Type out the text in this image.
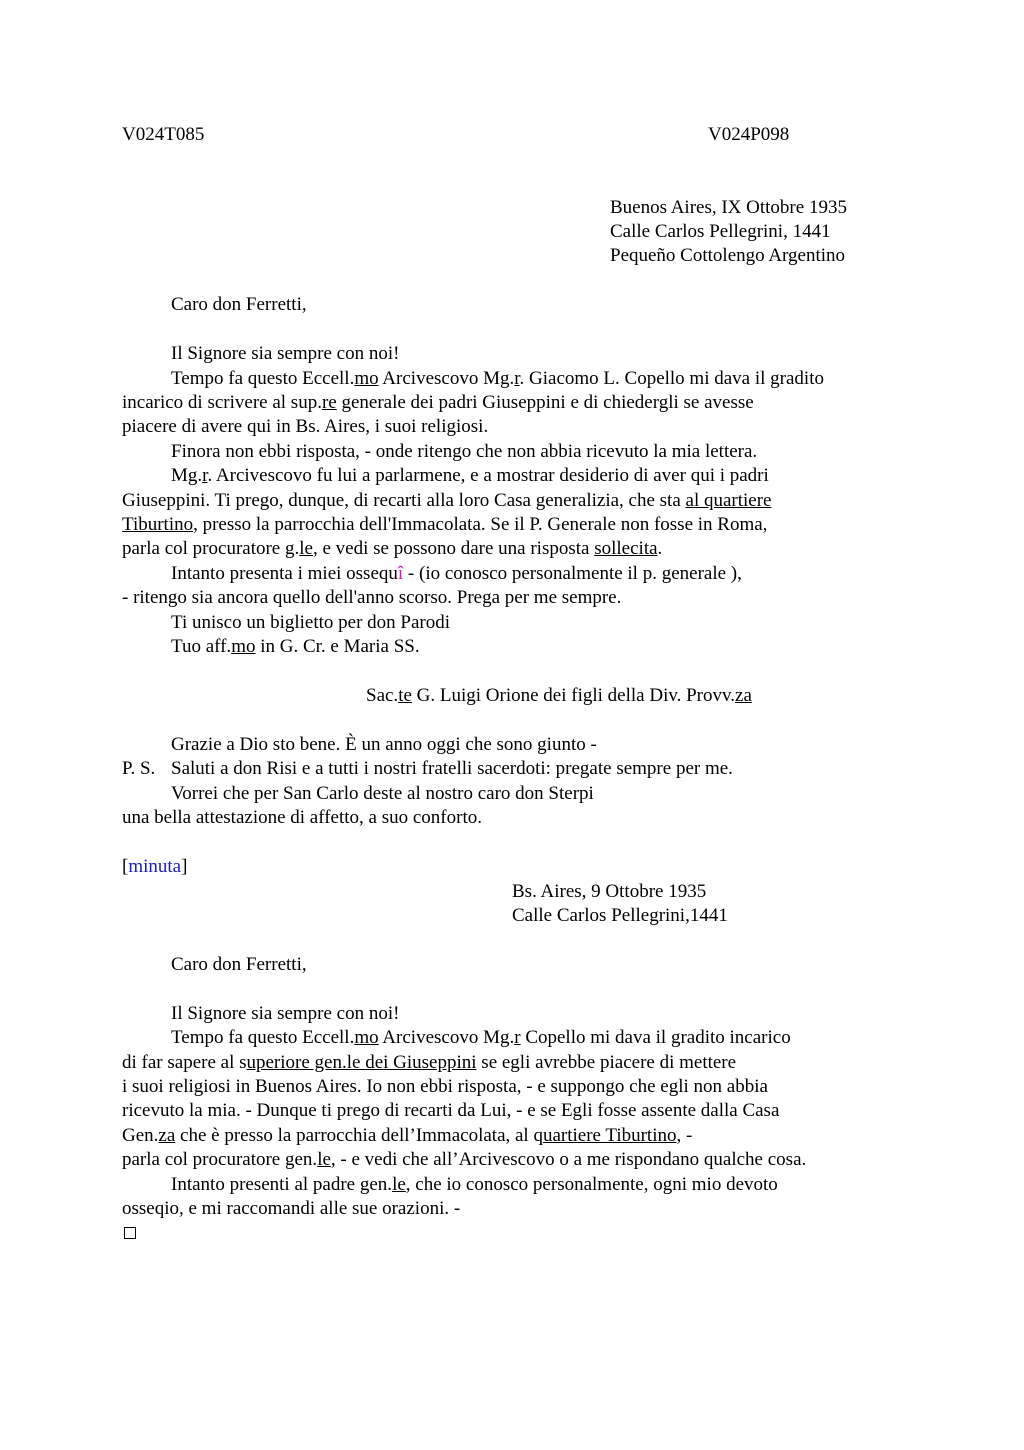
V024T085	V024P098
Buenos Aires, IX Ottobre 1935
Calle Carlos Pellegrini, 1441
Pequeño Cottolengo Argentino
Caro don Ferretti,
Il Signore sia sempre con noi!
Tempo fa questo Eccell.mo Arcivescovo Mg.r. Giacomo L. Copello mi dava il gradito
incarico di scrivere al sup.re generale dei padri Giuseppini e di chiedergli se avesse
piacere di avere qui in Bs. Aires, i suoi religiosi.
Finora non ebbi risposta, - onde ritengo che non abbia ricevuto la mia lettera.
Mg.r. Arcivescovo fu lui a parlarmene, e a mostrar desiderio di aver qui i padri
Giuseppini. Ti prego, dunque, di recarti alla loro Casa generalizia, che sta al quartiere
Tiburtino, presso la parrocchia dell'Immacolata. Se il P. Generale non fosse in Roma,
parla col procuratore g.le, e vedi se possono dare una risposta sollecita.
Intanto presenta i miei ossequî - (io conosco personalmente il p. generale ),
- ritengo sia ancora quello dell'anno scorso. Prega per me sempre.
Ti unisco un biglietto per don Parodi
Tuo aff.mo in G. Cr. e Maria SS.
Sac.te G. Luigi Orione dei figli della Div. Provv.za
Grazie a Dio sto bene. È un anno oggi che sono giunto -
P. S. Saluti a don Risi e a tutti i nostri fratelli sacerdoti: pregate sempre per me.
Vorrei che per San Carlo deste al nostro caro don Sterpi
una bella attestazione di affetto, a suo conforto.
[minuta]
Bs. Aires, 9 Ottobre 1935
Calle Carlos Pellegrini,1441
Caro don Ferretti,
Il Signore sia sempre con noi!
Tempo fa questo Eccell.mo Arcivescovo Mg.r Copello mi dava il gradito incarico
di far sapere al superiore gen.le dei Giuseppini se egli avrebbe piacere di mettere
i suoi religiosi in Buenos Aires. Io non ebbi risposta, - e suppongo che egli non abbia
ricevuto la mia. - Dunque ti prego di recarti da Lui, - e se Egli fosse assente dalla Casa
Gen.za che è presso la parrocchia dell’Immacolata, al quartiere Tiburtino, -
parla col procuratore gen.le, - e vedi che all’Arcivescovo o a me rispondano qualche cosa.
Intanto presenti al padre gen.le, che io conosco personalmente, ogni mio devoto
osseqio, e mi raccomandi alle sue orazioni. -
